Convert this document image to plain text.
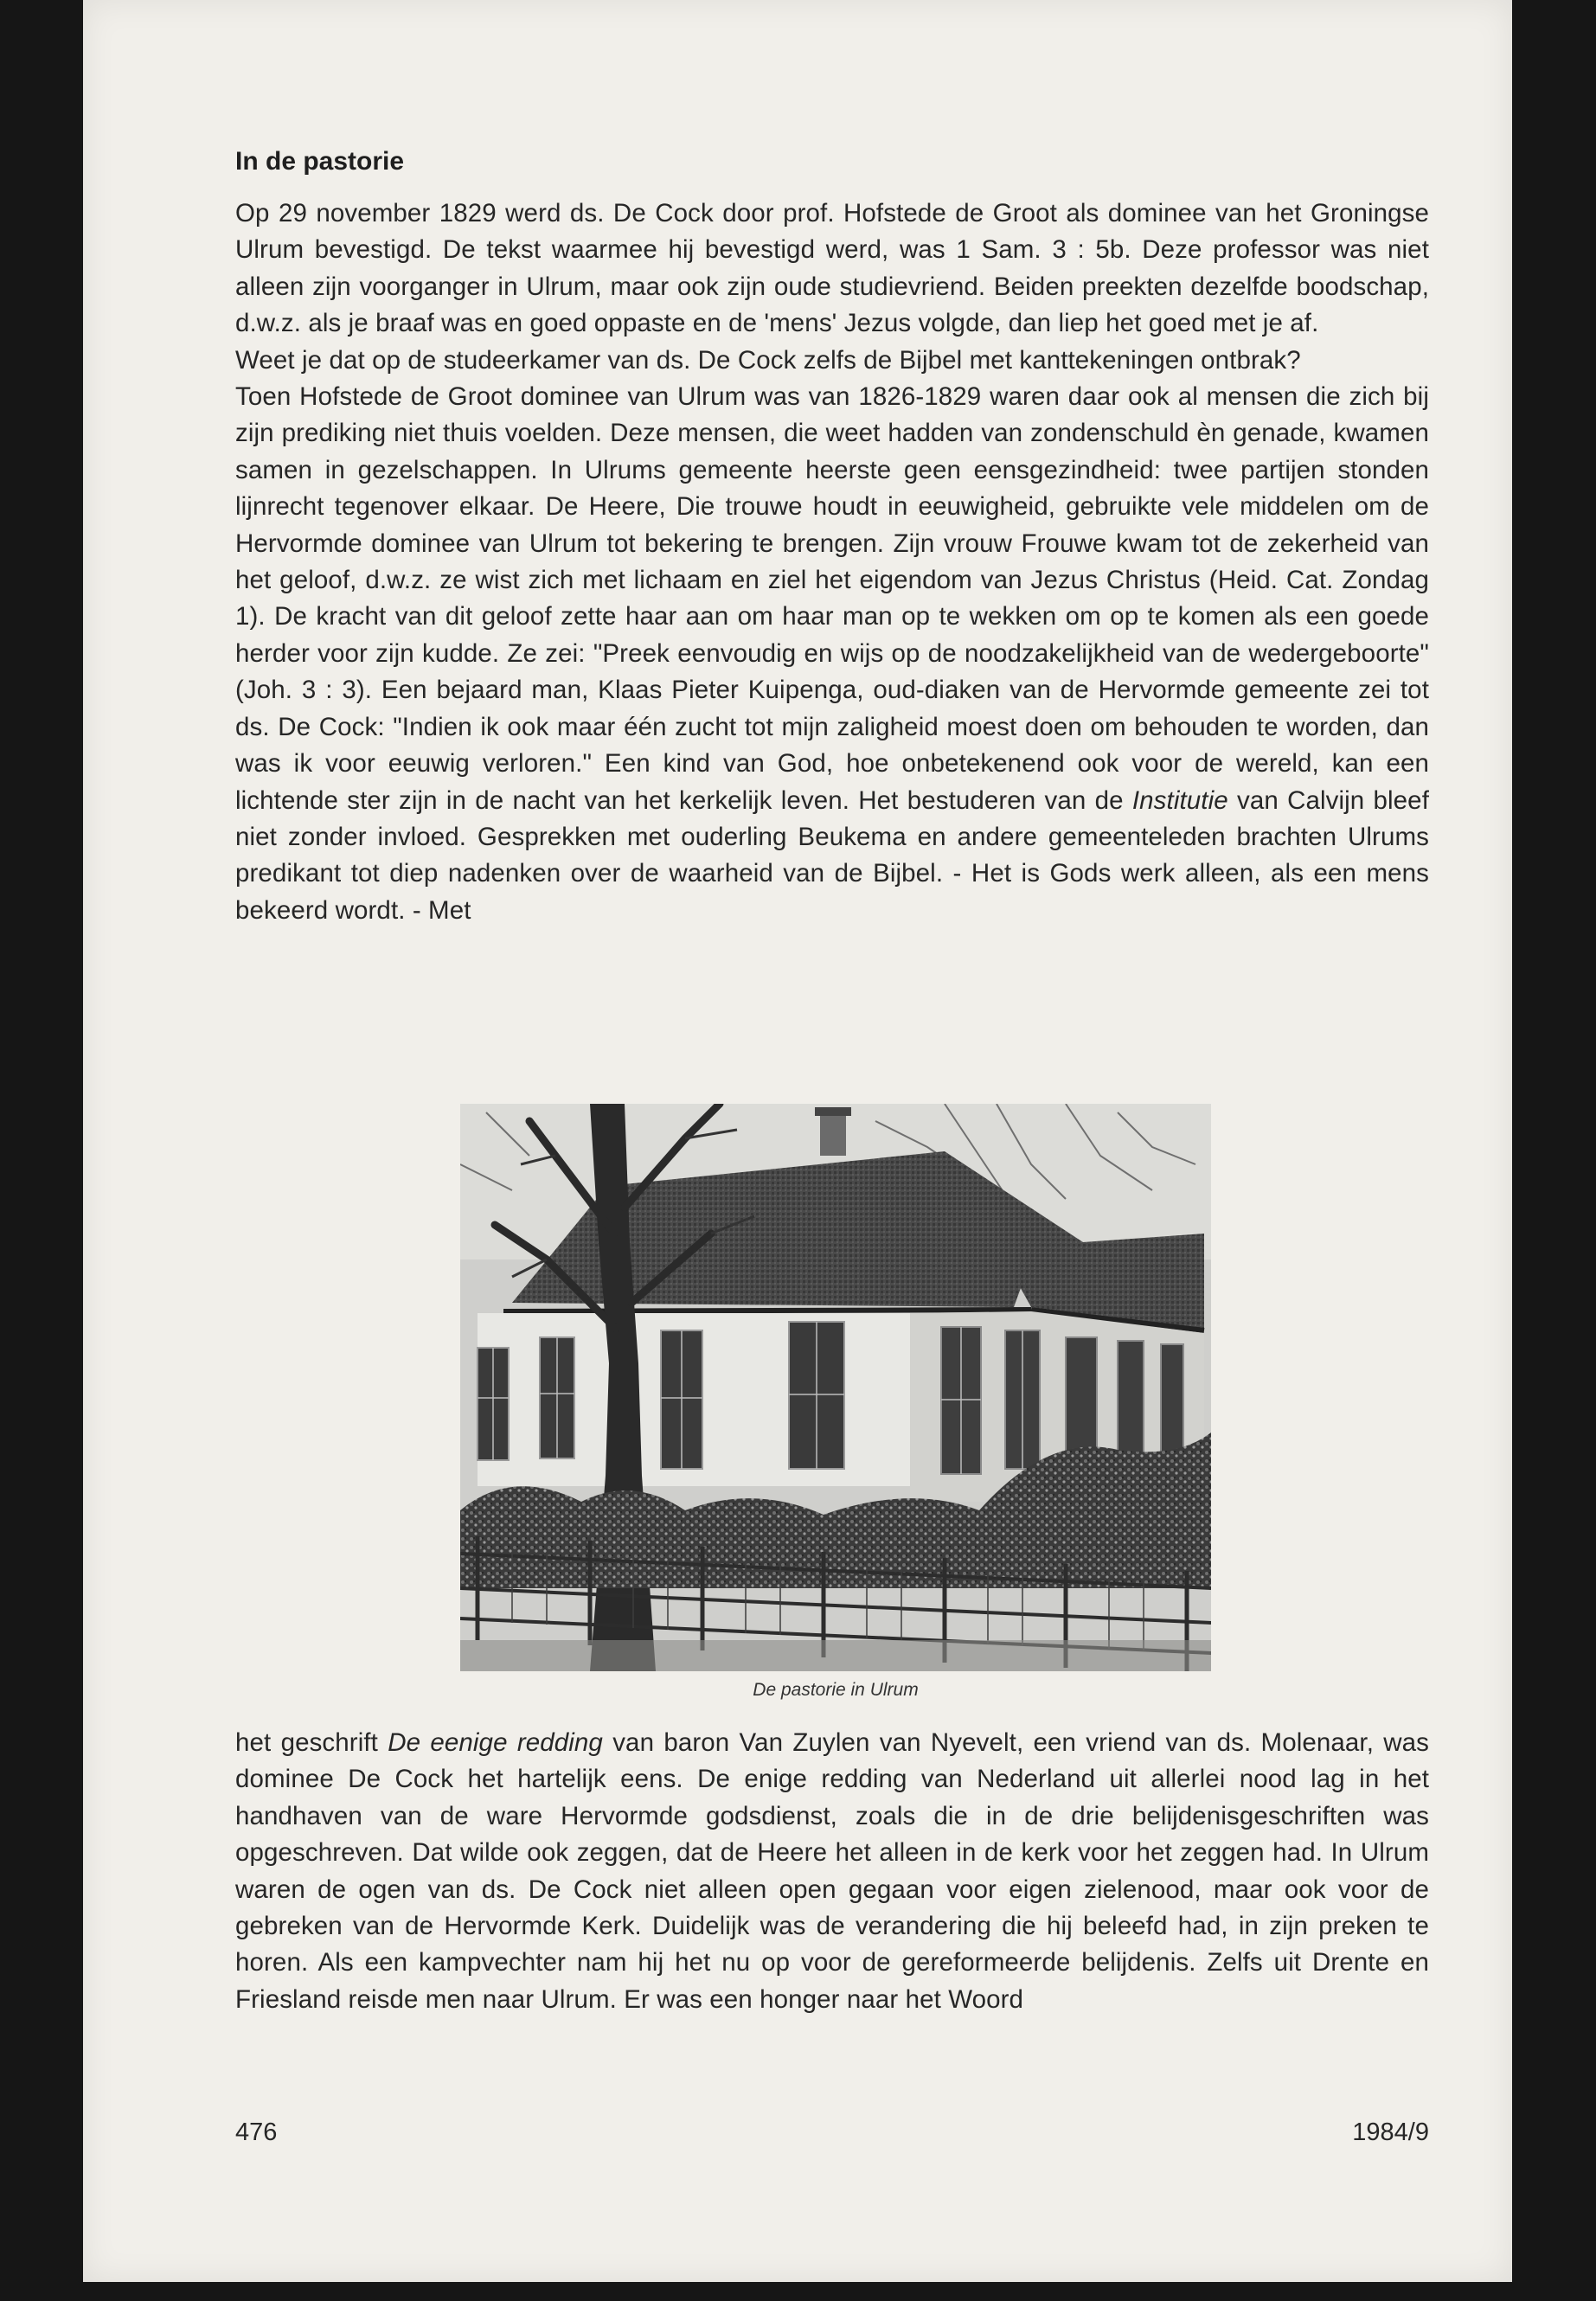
In de pastorie

Op 29 november 1829 werd ds. De Cock door prof. Hofstede de Groot als dominee van het Groningse Ulrum bevestigd. De tekst waarmee hij bevestigd werd, was 1 Sam. 3 : 5b. Deze professor was niet alleen zijn voorganger in Ulrum, maar ook zijn oude studievriend. Beiden preekten dezelfde boodschap, d.w.z. als je braaf was en goed oppaste en de 'mens' Jezus volgde, dan liep het goed met je af.

Weet je dat op de studeerkamer van ds. De Cock zelfs de Bijbel met kanttekeningen ontbrak?

Toen Hofstede de Groot dominee van Ulrum was van 1826-1829 waren daar ook al mensen die zich bij zijn prediking niet thuis voelden. Deze mensen, die weet hadden van zondenschuld èn genade, kwamen samen in gezelschappen. In Ulrums gemeente heerste geen eensgezindheid: twee partijen stonden lijnrecht tegenover elkaar. De Heere, Die trouwe houdt in eeuwigheid, gebruikte vele middelen om de Hervormde dominee van Ulrum tot bekering te brengen. Zijn vrouw Frouwe kwam tot de zekerheid van het geloof, d.w.z. ze wist zich met lichaam en ziel het eigendom van Jezus Christus (Heid. Cat. Zondag 1). De kracht van dit geloof zette haar aan om haar man op te wekken om op te komen als een goede herder voor zijn kudde. Ze zei: "Preek eenvoudig en wijs op de noodzakelijkheid van de wedergeboorte" (Joh. 3 : 3). Een bejaard man, Klaas Pieter Kuipenga, oud-diaken van de Hervormde gemeente zei tot ds. De Cock: "Indien ik ook maar één zucht tot mijn zaligheid moest doen om behouden te worden, dan was ik voor eeuwig verloren." Een kind van God, hoe onbetekenend ook voor de wereld, kan een lichtende ster zijn in de nacht van het kerkelijk leven. Het bestuderen van de Institutie van Calvijn bleef niet zonder invloed. Gesprekken met ouderling Beukema en andere gemeenteleden brachten Ulrums predikant tot diep nadenken over de waarheid van de Bijbel. - Het is Gods werk alleen, als een mens bekeerd wordt. - Met

De pastorie in Ulrum

het geschrift De eenige redding van baron Van Zuylen van Nyevelt, een vriend van ds. Molenaar, was dominee De Cock het hartelijk eens. De enige redding van Nederland uit allerlei nood lag in het handhaven van de ware Hervormde godsdienst, zoals die in de drie belijdenisgeschriften was opgeschreven. Dat wilde ook zeggen, dat de Heere het alleen in de kerk voor het zeggen had. In Ulrum waren de ogen van ds. De Cock niet alleen open gegaan voor eigen zielenood, maar ook voor de gebreken van de Hervormde Kerk. Duidelijk was de verandering die hij beleefd had, in zijn preken te horen. Als een kampvechter nam hij het nu op voor de gereformeerde belijdenis. Zelfs uit Drente en Friesland reisde men naar Ulrum. Er was een honger naar het Woord

476	1984/9
